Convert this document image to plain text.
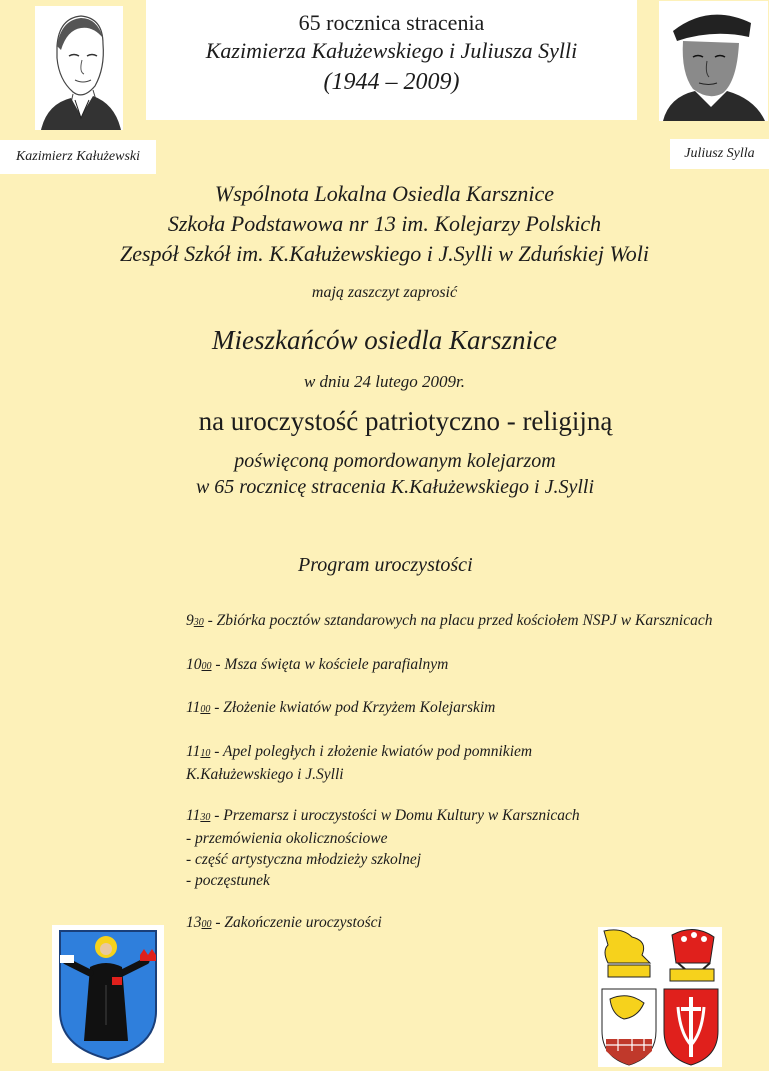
65 rocznica stracenia
Kazimierza Kałużewskiego i Juliusza Sylli
(1944 – 2009)
Kazimierz Kałużewski	Juliusz Sylla
Wspólnota Lokalna Osiedla Karsznice
Szkoła Podstawowa nr 13 im. Kolejarzy Polskich
Zespół Szkół im. K.Kałużewskiego i J.Sylli w Zduńskiej Woli
mają zaszczyt zaprosić
Mieszkańców osiedla Karsznice
w dniu 24 lutego 2009r.
na uroczystość patriotyczno - religijną
poświęconą pomordowanym kolejarzom
w 65 rocznicę stracenia K.Kałużewskiego i J.Sylli
Program uroczystości
930 - Zbiórka pocztów sztandarowych na placu przed kościołem NSPJ w Karsznicach
1000 - Msza święta w kościele parafialnym
1100 - Złożenie kwiatów pod Krzyżem Kolejarskim
1110 - Apel poległych i złożenie kwiatów pod pomnikiem
K.Kałużewskiego i J.Sylli
1130 - Przemarsz i uroczystości w Domu Kultury w Karsznicach
- przemówienia okolicznościowe
- część artystyczna młodzieży szkolnej
- poczęstunek
1300 - Zakończenie uroczystości
